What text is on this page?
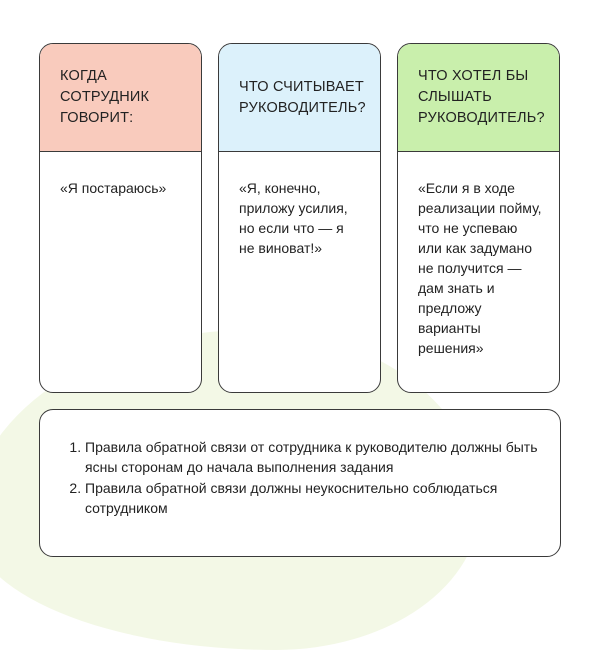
КОГДА СОТРУДНИК ГОВОРИТ:
«Я постараюсь»
ЧТО СЧИТЫВАЕТ РУКОВОДИТЕЛЬ?
«Я, конечно,
приложу усилия,
но если что — я
не виноват!»
ЧТО ХОТЕЛ БЫ СЛЫШАТЬ РУКОВОДИТЕЛЬ?
«Если я в ходе
реализации пойму,
что не успеваю
или как задумано
не получится —
дам знать и
предложу
варианты
решения»
1. Правила обратной связи от сотрудника к руководителю должны быть ясны сторонам до начала выполнения задания
2. Правила обратной связи должны неукоснительно соблюдаться сотрудником
